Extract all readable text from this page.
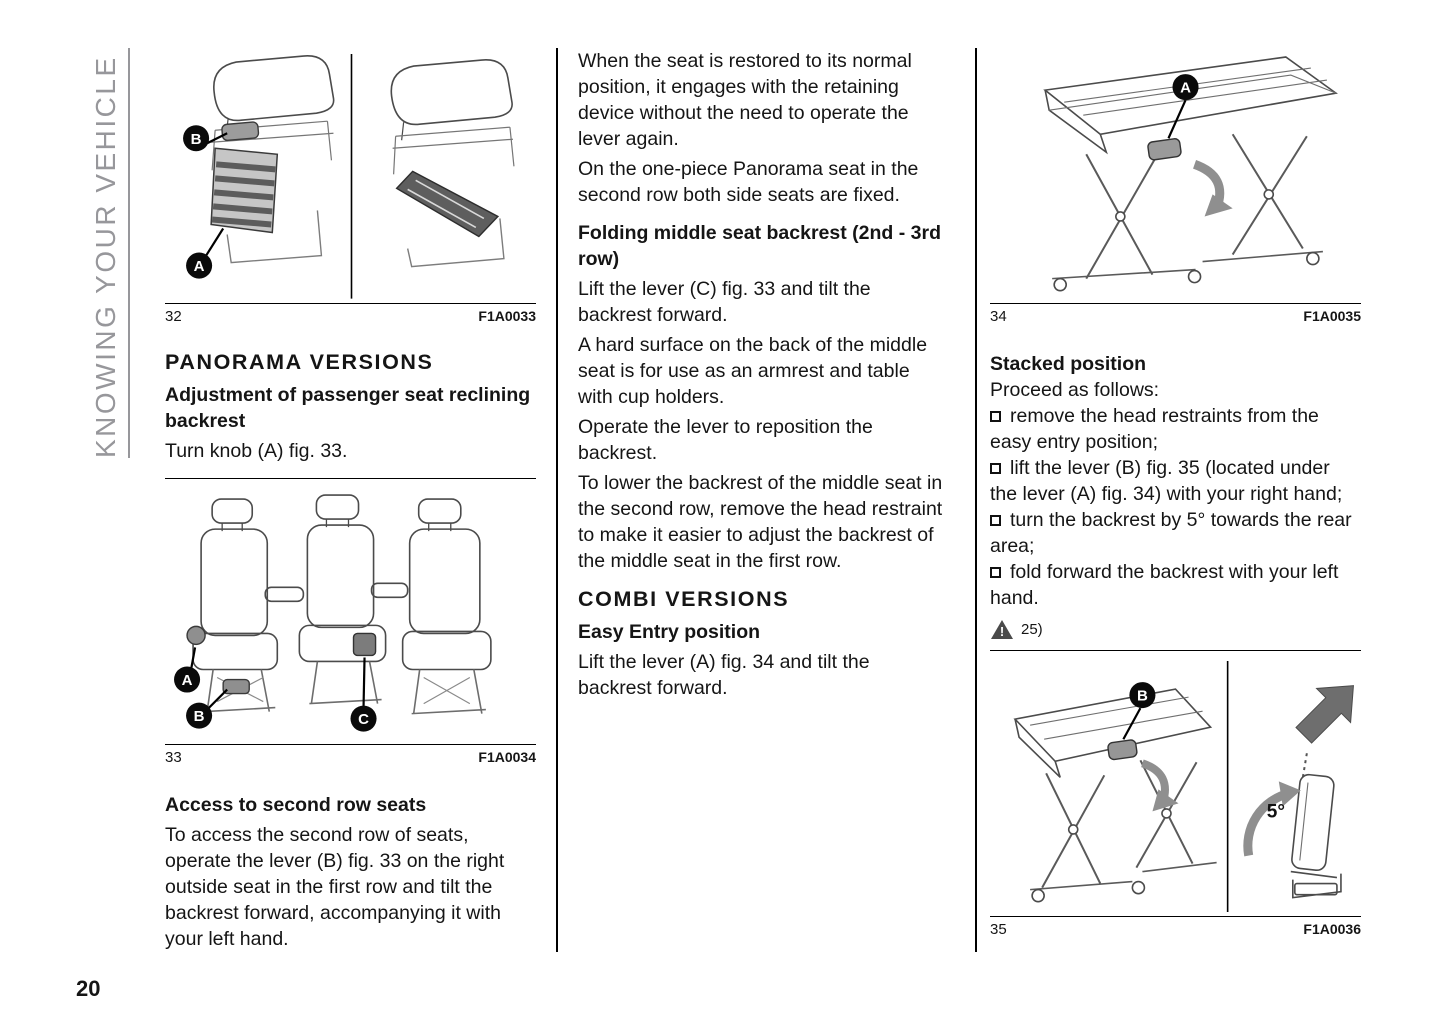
KNOWING YOUR VEHICLE	B
A
32	F1A0033
PANORAMA VERSIONS
Adjustment of passenger seat reclining backrest

Turn knob (A) fig. 33.

A
B	C
33	F1A0034
Access to second row seats

To access the second row of seats, operate the lever (B) fig. 33 on the right outside seat in the first row and tilt the backrest forward, accompanying it with your left hand.

When the seat is restored to its normal position, it engages with the retaining device without the need to operate the lever again.

On the one-piece Panorama seat in the second row both side seats are fixed.

Folding middle seat backrest (2nd - 3rd row)

Lift the lever (C) fig. 33 and tilt the backrest forward.

A hard surface on the back of the middle seat is for use as an armrest and table with cup holders.

Operate the lever to reposition the backrest.

To lower the backrest of the middle seat in the second row, remove the head restraint to make it easier to adjust the backrest of the middle seat in the first row.

COMBI VERSIONS
Easy Entry position

Lift the lever (A) fig. 34 and tilt the backrest forward.

A
34	F1A0035
Stacked position

Proceed as follows:

remove the head restraints from the easy entry position;
lift the lever (B) fig. 35 (located under the lever (A) fig. 34) with your right hand;
turn the backrest by 5° towards the rear area;
fold forward the backrest with your left hand.
! 25)
B
5°
35	F1A0036
20
